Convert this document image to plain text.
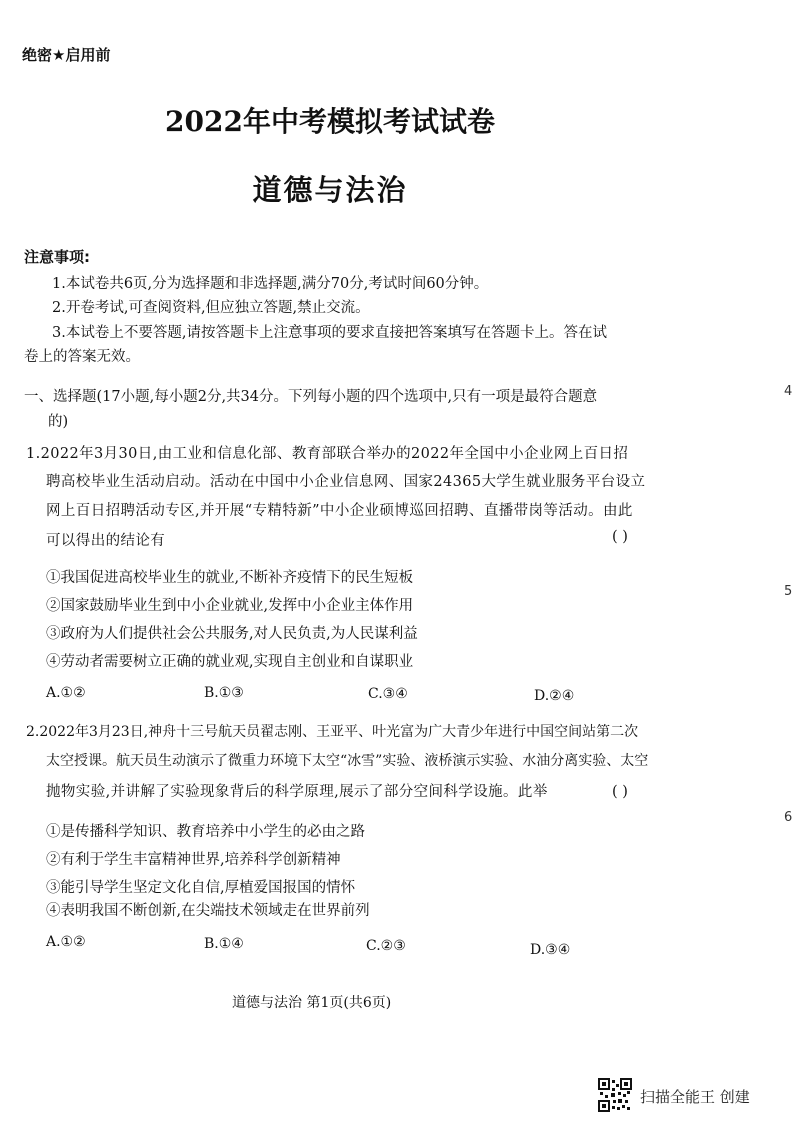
绝密★启用前
2022年中考模拟考试试卷
道德与法治
注意事项:
1.本试卷共6页,分为选择题和非选择题,满分70分,考试时间60分钟。
2.开卷考试,可查阅资料,但应独立答题,禁止交流。
3.本试卷上不要答题,请按答题卡上注意事项的要求直接把答案填写在答题卡上。答在试
卷上的答案无效。
一、选择题(17小题,每小题2分,共34分。下列每小题的四个选项中,只有一项是最符合题意
的)
1.2022年3月30日,由工业和信息化部、教育部联合举办的2022年全国中小企业网上百日招
聘高校毕业生活动启动。活动在中国中小企业信息网、国家24365大学生就业服务平台设立
网上百日招聘活动专区,并开展“专精特新”中小企业硕博巡回招聘、直播带岗等活动。由此
可以得出的结论有	( )
①我国促进高校毕业生的就业,不断补齐疫情下的民生短板
②国家鼓励毕业生到中小企业就业,发挥中小企业主体作用
③政府为人们提供社会公共服务,对人民负责,为人民谋利益
④劳动者需要树立正确的就业观,实现自主创业和自谋职业
A.①②	B.①③	C.③④	D.②④
2.2022年3月23日,神舟十三号航天员翟志刚、王亚平、叶光富为广大青少年进行中国空间站第二次
太空授课。航天员生动演示了微重力环境下太空“冰雪”实验、液桥演示实验、水油分离实验、太空
抛物实验,并讲解了实验现象背后的科学原理,展示了部分空间科学设施。此举	( )
①是传播科学知识、教育培养中小学生的必由之路
②有利于学生丰富精神世界,培养科学创新精神
③能引导学生坚定文化自信,厚植爱国报国的情怀
④表明我国不断创新,在尖端技术领域走在世界前列
A.①②	B.①④	C.②③	D.③④
道德与法治 第1页(共6页)
4
5
6
扫描全能王 创建
